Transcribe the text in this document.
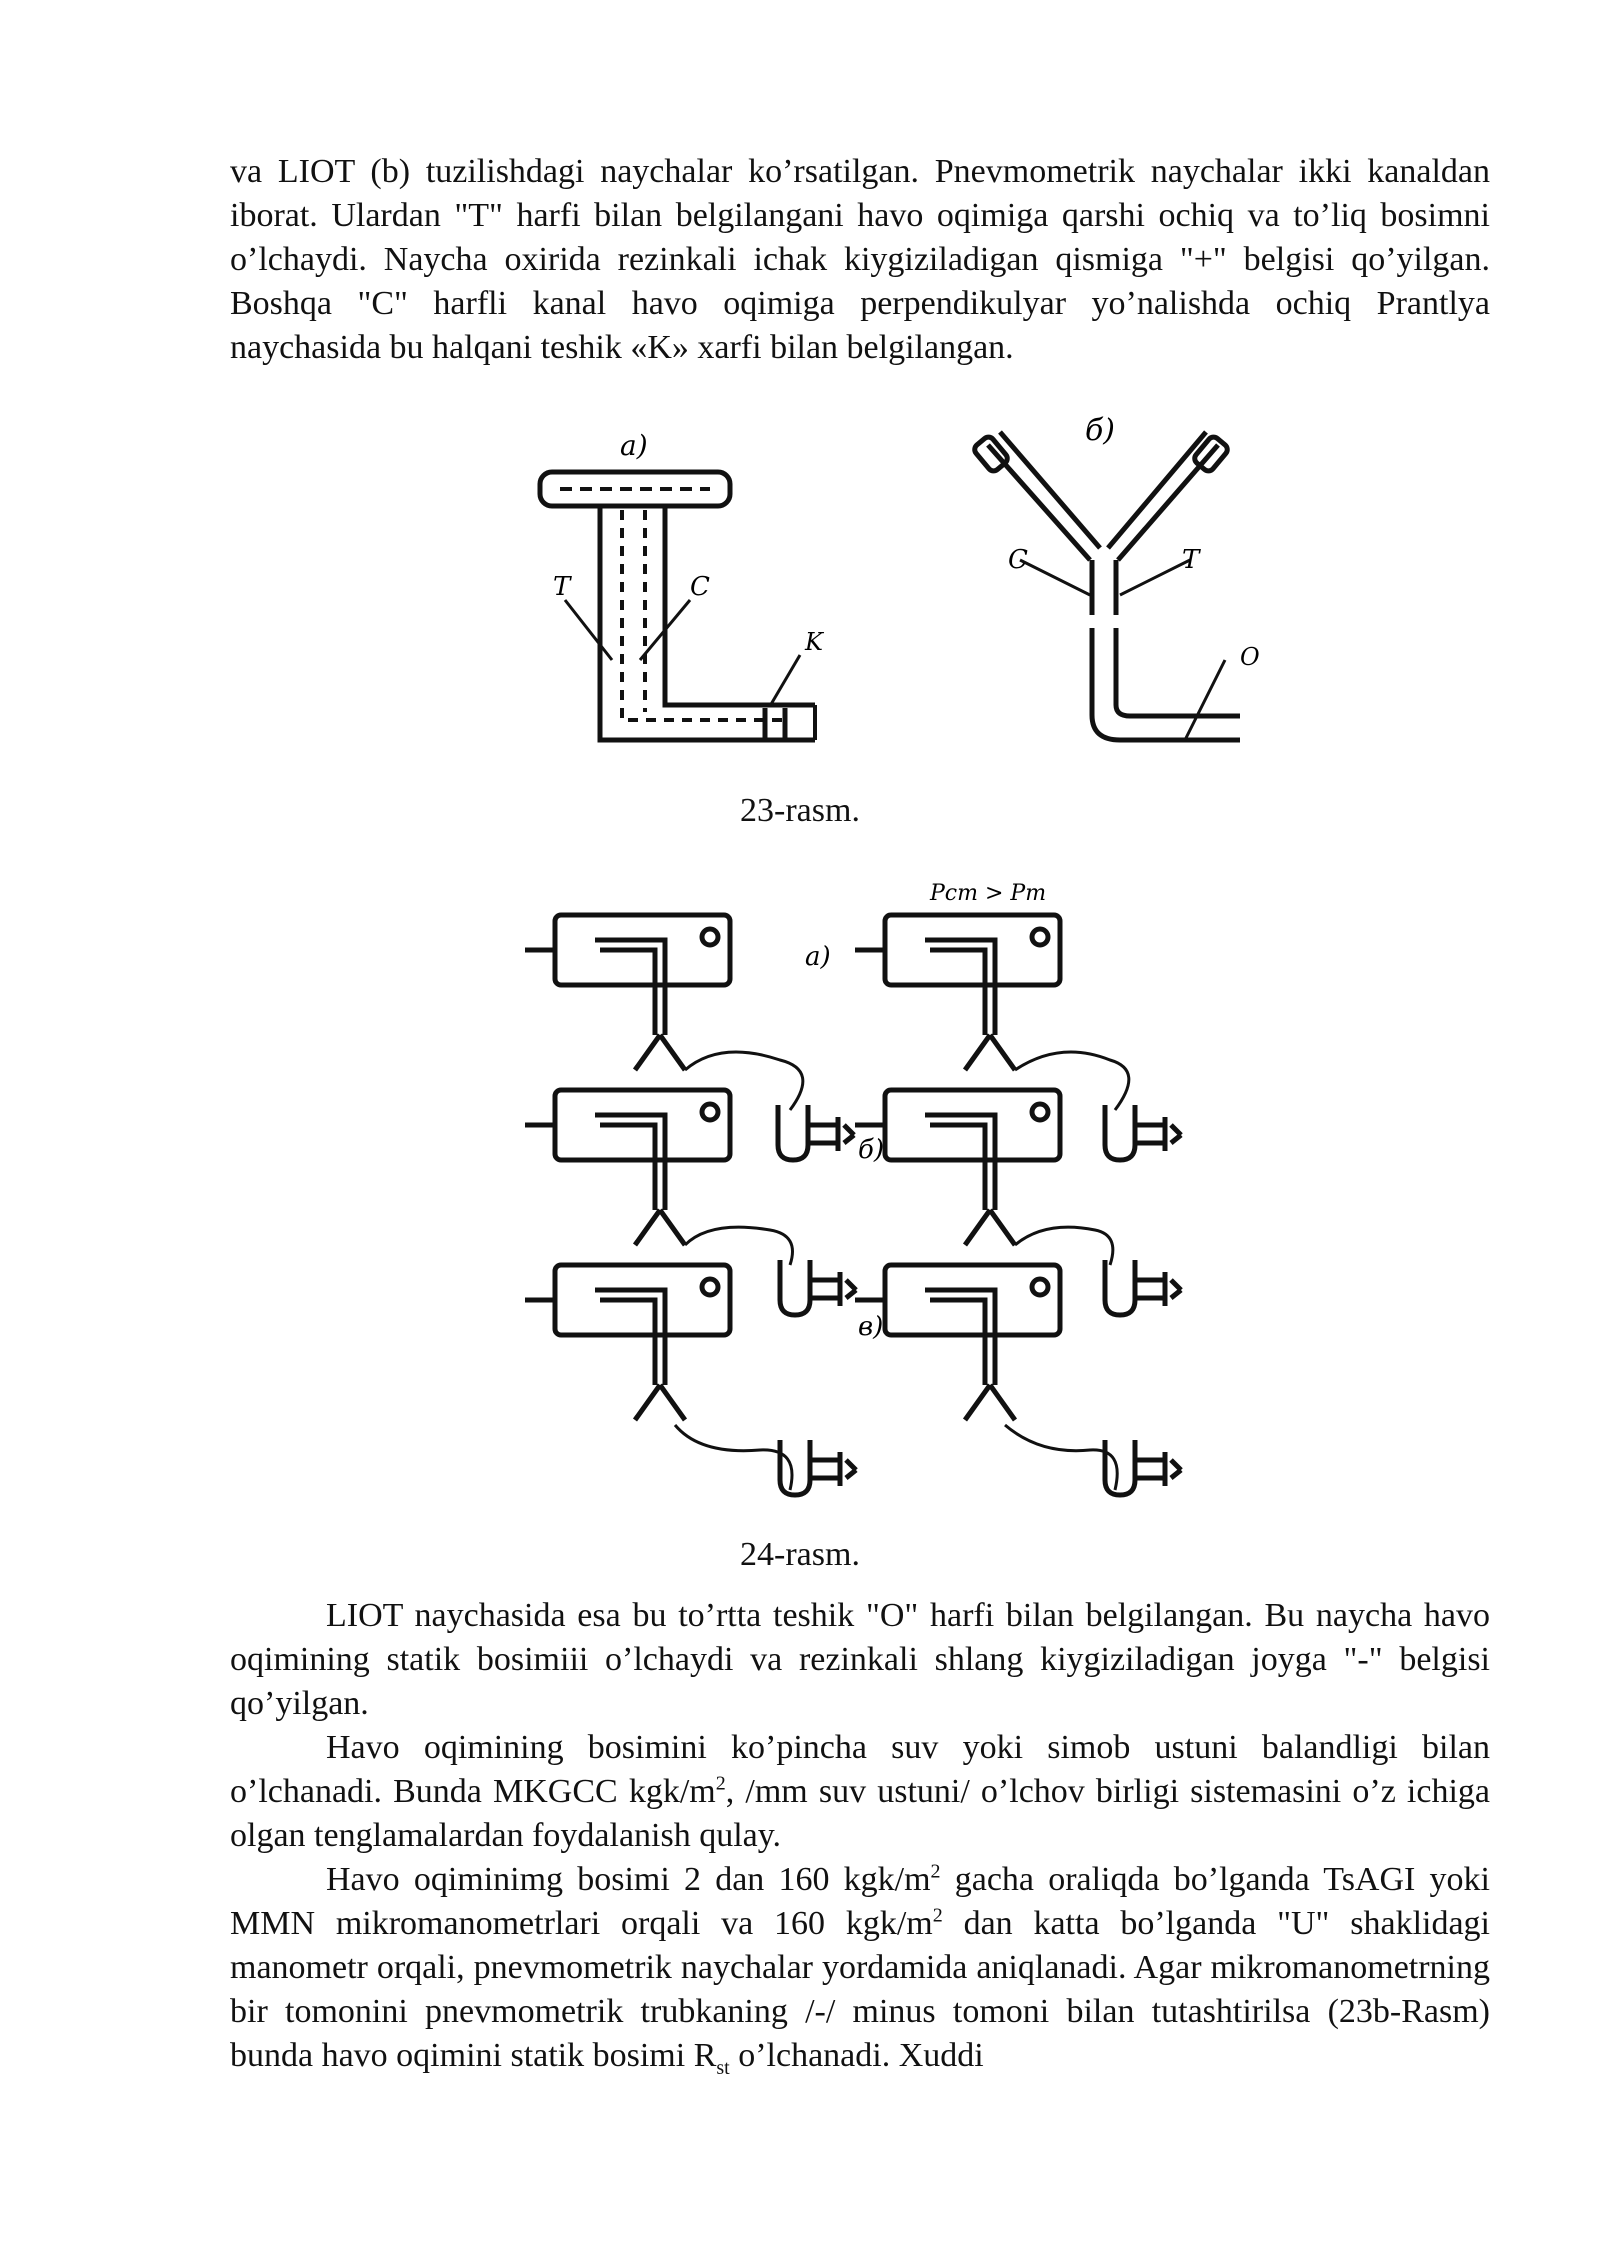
va LIOT (b) tuzilishdagi naychalar ko’rsatilgan. Pnevmometrik naychalar ikki kanaldan iborat. Ulardan "T" harfi bilan belgilangani havo oqimiga qarshi ochiq va to’liq bosimni o’lchaydi. Naycha oxirida rezinkali ichak kiygiziladigan qismiga "+" belgisi qo’yilgan. Boshqa "C" harfli kanal havo oqimiga perpendikulyar yo’nalishda ochiq Prantlya naychasida bu halqani teshik «K» xarfi bilan belgilangan.

a)
T	C
K
б)
C	T
O
23-rasm.
Pст > Pт
a)
б)
в)
24-rasm.

LIOT naychasida esa bu to’rtta teshik "O" harfi bilan belgilangan. Bu naycha havo oqimining statik bosimiii o’lchaydi va rezinkali shlang kiygiziladigan joyga "-" belgisi qo’yilgan.

Havo oqimining bosimini ko’pincha suv yoki simob ustuni balandligi bilan o’lchanadi. Bunda MKGCC kgk/$m^2$, /mm suv ustuni/ o’lchov birligi sistemasini o’z ichiga olgan tenglamalardan foydalanish qulay.

Havo oqiminimg bosimi 2 dan 160 kgk/$m^2$ gacha oraliqda bo’lganda TsAGI yoki MMN mikromanometrlari orqali va 160 kgk/$m^2$ dan katta bo’lganda "U" shaklidagi manometr orqali, pnevmometrik naychalar yordamida aniqlanadi. Agar mikromanometrning bir tomonini pnevmometrik trubkaning /-/ minus tomoni bilan tutashtirilsa (23b-Rasm) bunda havo oqimini statik bosimi $R_{st}$ o’lchanadi. Xuddi
